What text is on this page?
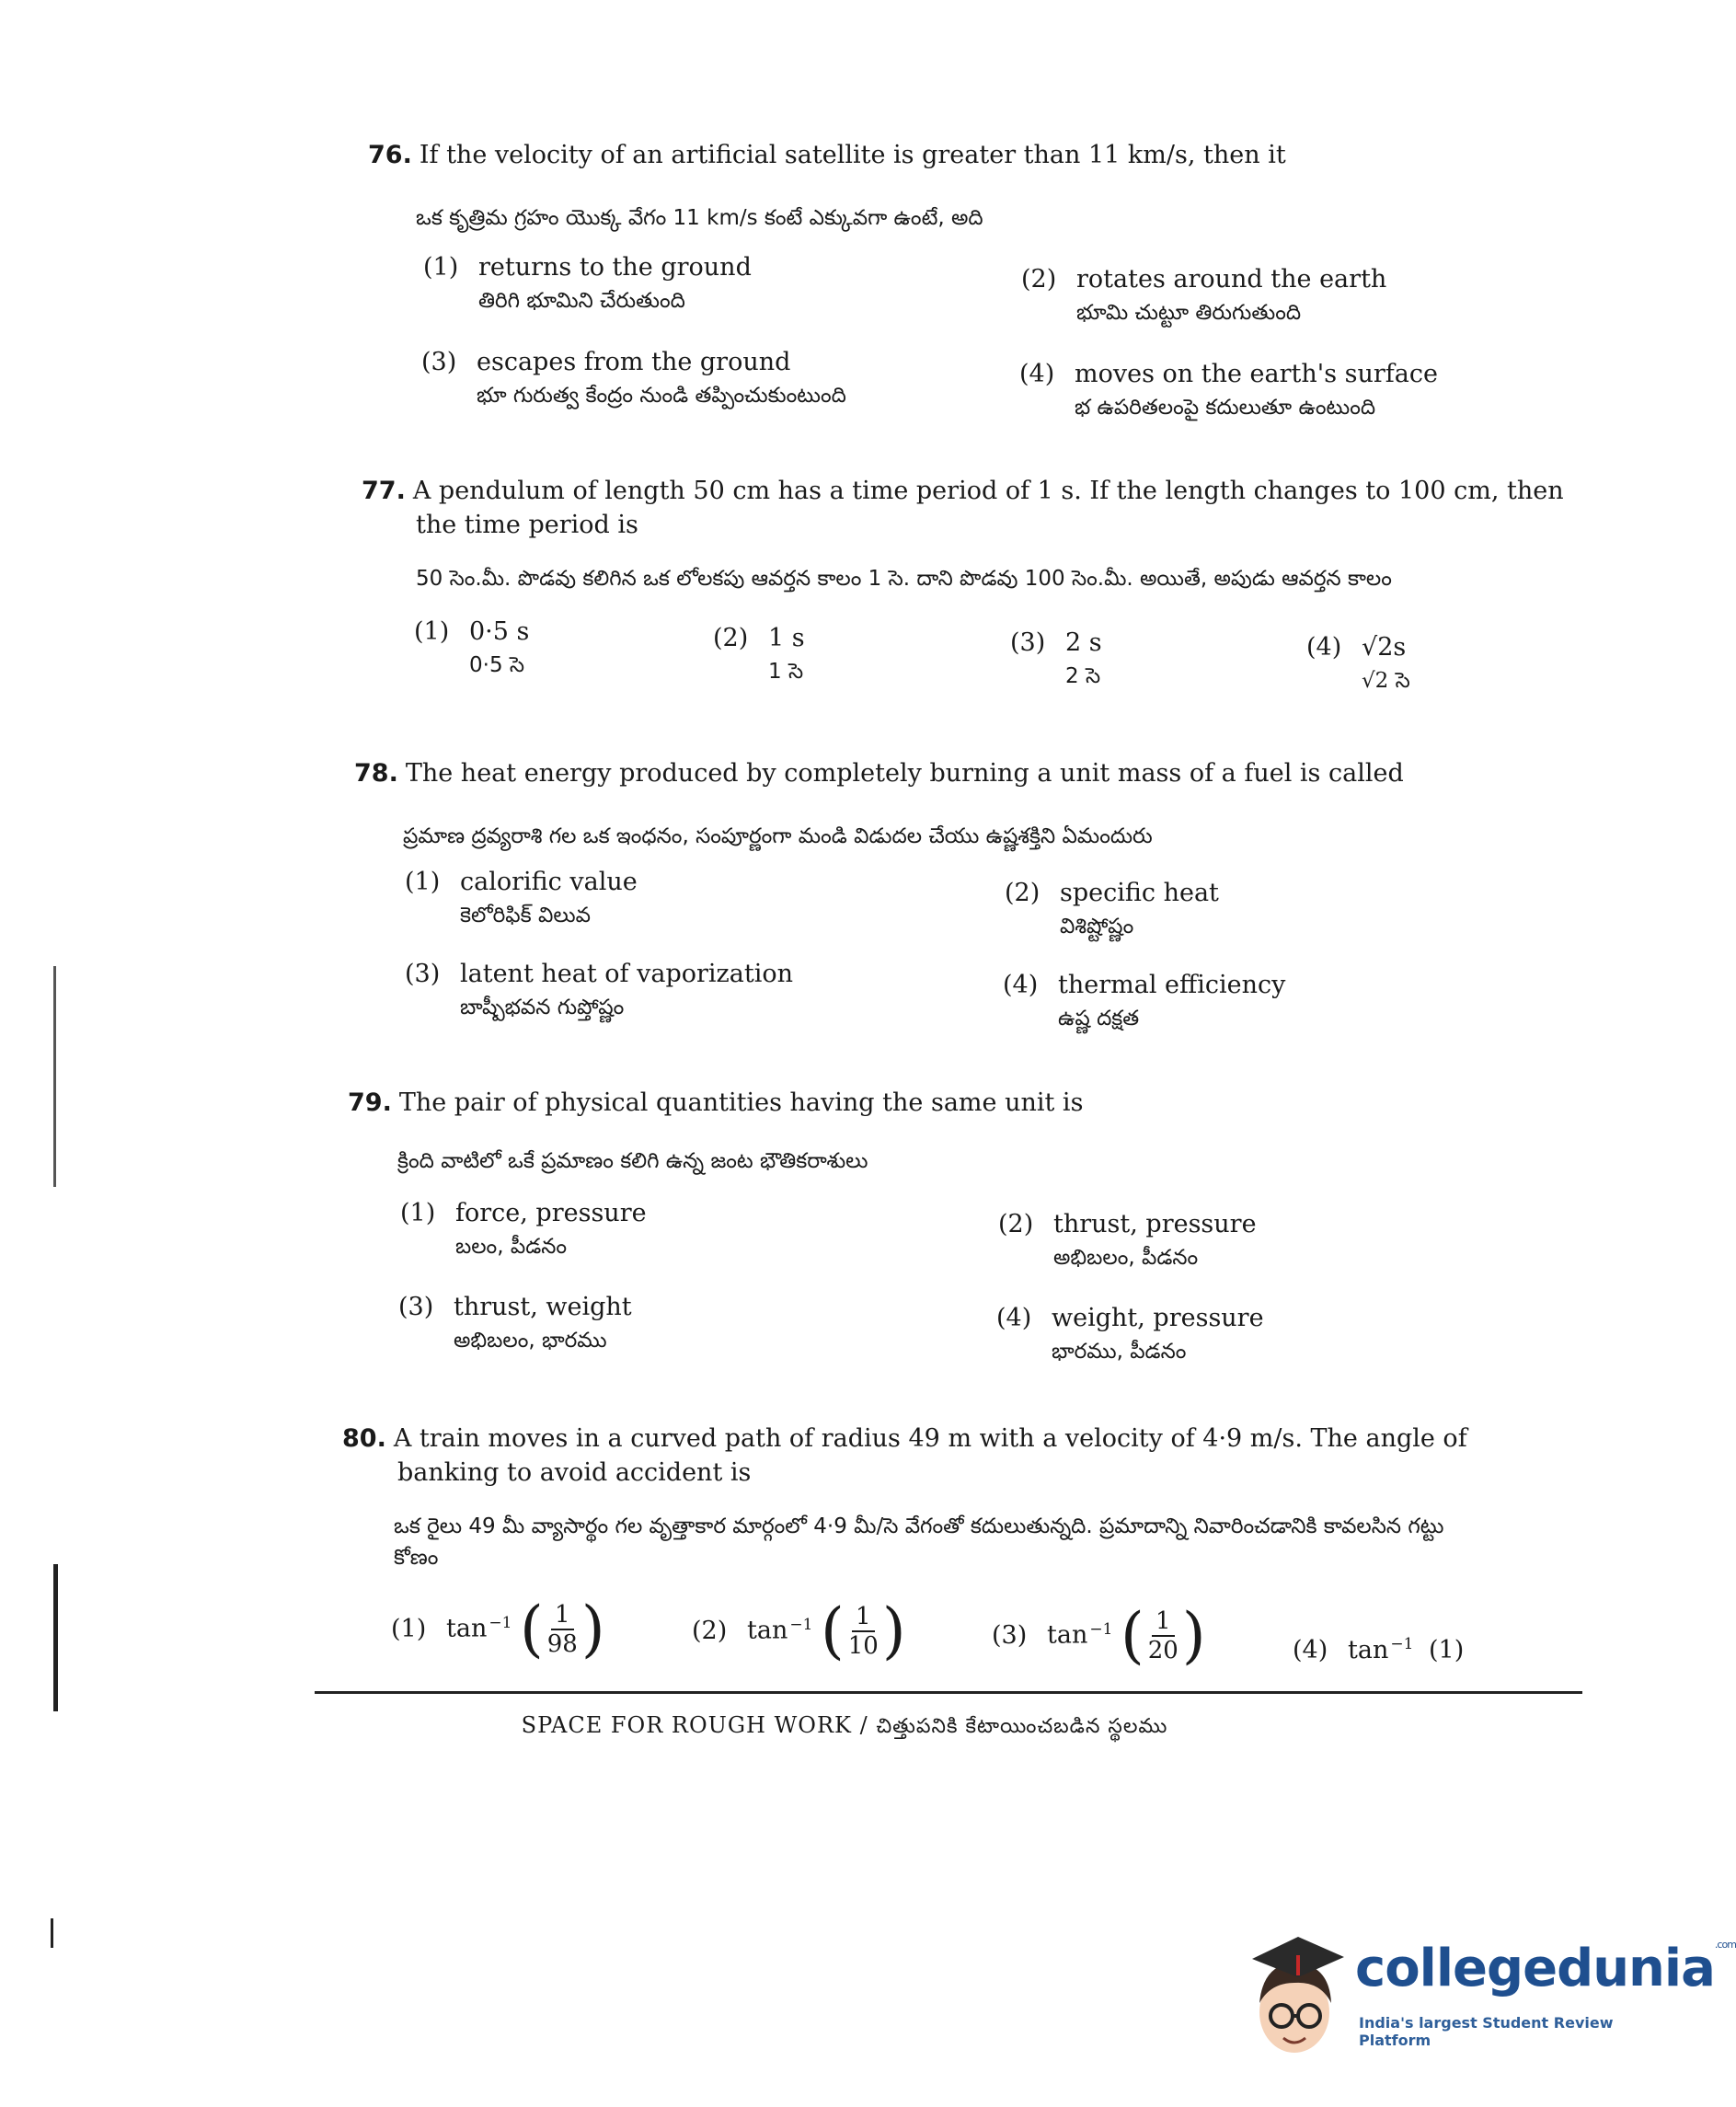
76. If the velocity of an artificial satellite is greater than 11 km/s, then it
ఒక కృత్రిమ గ్రహం యొక్క వేగం 11 km/s కంటే ఎక్కువగా ఉంటే, అది
(1) returns to the ground
తిరిగి భూమిని చేరుతుంది
(2) rotates around the earth
భూమి చుట్టూ తిరుగుతుంది
(3) escapes from the ground
భూ గురుత్వ కేంద్రం నుండి తప్పించుకుంటుంది
(4) moves on the earth's surface
భ ఉపరితలంపై కదులుతూ ఉంటుంది
77. A pendulum of length 50 cm has a time period of 1 s. If the length changes to 100 cm, then
the time period is
50 సెం.మీ. పొడవు కలిగిన ఒక లోలకపు ఆవర్తన కాలం 1 సె. దాని పొడవు 100 సెం.మీ. అయితే, అపుడు ఆవర్తన కాలం
(1) 0·5 s
0·5 సె
(2) 1 s
1 సె
(3) 2 s
2 సె
(4) √2s
√2 సె
78. The heat energy produced by completely burning a unit mass of a fuel is called
ప్రమాణ ద్రవ్యరాశి గల ఒక ఇంధనం, సంపూర్ణంగా మండి విడుదల చేయు ఉష్ణశక్తిని ఏమందురు
(1) calorific value
కెలోరిఫిక్ విలువ
(2) specific heat
విశిష్టోష్ణం
(3) latent heat of vaporization
బాష్పీభవన గుప్తోష్ణం
(4) thermal efficiency
ఉష్ణ దక్షత
79. The pair of physical quantities having the same unit is
క్రింది వాటిలో ఒకే ప్రమాణం కలిగి ఉన్న జంట భౌతికరాశులు
(1) force, pressure
బలం, పీడనం
(2) thrust, pressure
అభిబలం, పీడనం
(3) thrust, weight
అభిబలం, భారము
(4) weight, pressure
భారము, పీడనం
80. A train moves in a curved path of radius 49 m with a velocity of 4·9 m/s. The angle of
banking to avoid accident is
ఒక రైలు 49 మీ వ్యాసార్థం గల వృత్తాకార మార్గంలో 4·9 మీ/సె వేగంతో కదులుతున్నది. ప్రమాదాన్ని నివారించడానికి కావలసిన గట్టు
కోణం
(1) tan $^{-1}$ ( 1
98 )	(2) tan $^{-1}$ ( 1
10 )	(3) tan $^{-1}$ ( 1
20 )	(4) tan $^{-1}$ (1)
SPACE FOR ROUGH WORK / చిత్తుపనికి కేటాయించబడిన స్థలము
collegedunia$^{.com}$
India's largest Student Review Platform
